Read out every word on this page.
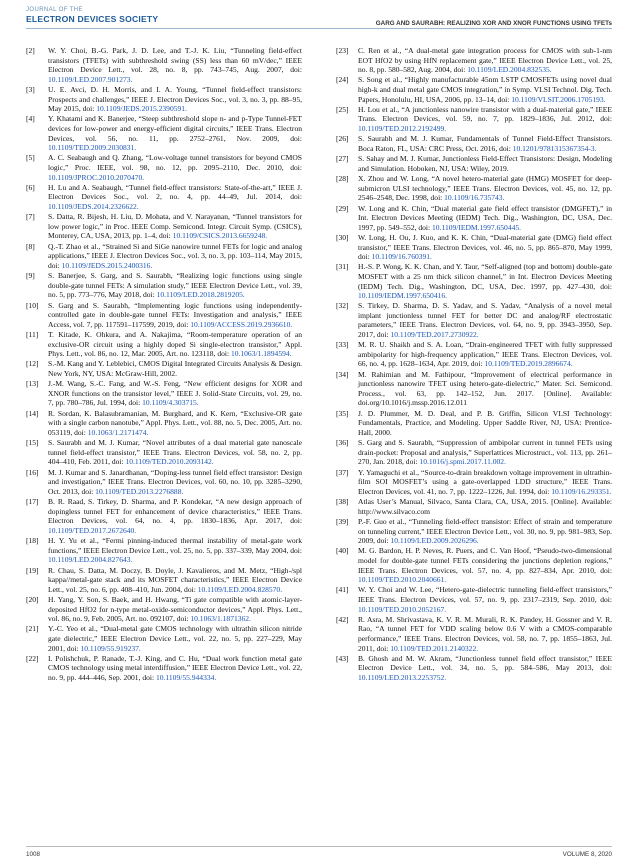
JOURNAL OF THE
ELECTRON DEVICES SOCIETY	GARG AND SAURABH: REALIZING XOR AND XNOR FUNCTIONS USING TFETs
[2] W. Y. Choi, B.-G. Park, J. D. Lee, and T.-J. K. Liu, “Tunneling field-effect transistors (TFETs) with subthreshold swing (SS) less than 60 mV/dec,” IEEE Electron Device Lett., vol. 28, no. 8, pp. 743–745, Aug. 2007, doi: 10.1109/LED.2007.901273.
[3] U. E. Avci, D. H. Morris, and I. A. Young, “Tunnel field-effect transistors: Prospects and challenges,” IEEE J. Electron Devices Soc., vol. 3, no. 3, pp. 88–95, May 2015, doi: 10.1109/JEDS.2015.2390591.
[4] Y. Khatami and K. Banerjee, “Steep subthreshold slope n- and p-Type Tunnel-FET devices for low-power and energy-efficient digital circuits,” IEEE Trans. Electron Devices, vol. 56, no. 11, pp. 2752–2761, Nov. 2009, doi: 10.1109/TED.2009.2030831.
[5] A. C. Seabaugh and Q. Zhang, “Low-voltage tunnel transistors for beyond CMOS logic,” Proc. IEEE, vol. 98, no. 12, pp. 2095–2110, Dec. 2010, doi: 10.1109/JPROC.2010.2070470.
[6] H. Lu and A. Seabaugh, “Tunnel field-effect transistors: State-of-the-art,” IEEE J. Electron Devices Soc., vol. 2, no. 4, pp. 44–49, Jul. 2014, doi: 10.1109/JEDS.2014.2326622.
[7] S. Datta, R. Bijesh, H. Liu, D. Mohata, and V. Narayanan, “Tunnel transistors for low power logic,” in Proc. IEEE Comp. Semicond. Integr. Circuit Symp. (CSICS), Monterey, CA, USA, 2013, pp. 1–4, doi: 10.1109/CSICS.2013.6659248.
[8] Q.-T. Zhao et al., “Strained Si and SiGe nanowire tunnel FETs for logic and analog applications,” IEEE J. Electron Devices Soc., vol. 3, no. 3, pp. 103–114, May 2015, doi: 10.1109/JEDS.2015.2400316.
[9] S. Banerjee, S. Garg, and S. Saurabh, “Realizing logic functions using single double-gate tunnel FETs: A simulation study,” IEEE Electron Device Lett., vol. 39, no. 5, pp. 773–776, May 2018, doi: 10.1109/LED.2018.2819205.
[10] S. Garg and S. Saurabh, “Implementing logic functions using independently-controlled gate in double-gate tunnel FETs: Investigation and analysis,” IEEE Access, vol. 7, pp. 117591–117599, 2019, doi: 10.1109/ACCESS.2019.2936610.
[11] T. Kitade, K. Ohkura, and A. Nakajima, “Room-temperature operation of an exclusive-OR circuit using a highly doped Si single-electron transistor,” Appl. Phys. Lett., vol. 86, no. 12, Mar. 2005, Art. no. 123118, doi: 10.1063/1.1894594.
[12] S.-M. Kang and Y. Leblebici, CMOS Digital Integrated Circuits Analysis & Design. New York, NY, USA: McGraw-Hill, 2002.
[13] J.-M. Wang, S.-C. Fang, and W.-S. Feng, “New efficient designs for XOR and XNOR functions on the transistor level,” IEEE J. Solid-State Circuits, vol. 29, no. 7, pp. 780–786, Jul. 1994, doi: 10.1109/4.303715.
[14] R. Sordan, K. Balasubramanian, M. Burghard, and K. Kern, “Exclusive-OR gate with a single carbon nanotube,” Appl. Phys. Lett., vol. 88, no. 5, Dec. 2005, Art. no. 053119, doi: 10.1063/1.2171474.
[15] S. Saurabh and M. J. Kumar, “Novel attributes of a dual material gate nanoscale tunnel field-effect transistor,” IEEE Trans. Electron Devices, vol. 58, no. 2, pp. 404–410, Feb. 2011, doi: 10.1109/TED.2010.2093142.
[16] M. J. Kumar and S. Janardhanan, “Doping-less tunnel field effect transistor: Design and investigation,” IEEE Trans. Electron Devices, vol. 60, no. 10, pp. 3285–3290, Oct. 2013, doi: 10.1109/TED.2013.2276888.
[17] B. R. Raad, S. Tirkey, D. Sharma, and P. Kondekar, “A new design approach of dopingless tunnel FET for enhancement of device characteristics,” IEEE Trans. Electron Devices, vol. 64, no. 4, pp. 1830–1836, Apr. 2017, doi: 10.1109/TED.2017.2672640.
[18] H. Y. Yu et al., “Fermi pinning-induced thermal instability of metal-gate work functions,” IEEE Electron Device Lett., vol. 25, no. 5, pp. 337–339, May 2004, doi: 10.1109/LED.2004.827643.
[19] R. Chau, S. Datta, M. Doczy, B. Doyle, J. Kavalieros, and M. Metz, “High-/spl kappa//metal-gate stack and its MOSFET characteristics,” IEEE Electron Device Lett., vol. 25, no. 6, pp. 408–410, Jun. 2004, doi: 10.1109/LED.2004.828570.
[20] H. Yang, Y. Son, S. Baek, and H. Hwang, “Ti gate compatible with atomic-layer-deposited HfO2 for n-type metal-oxide-semiconductor devices,” Appl. Phys. Lett., vol. 86, no. 9, Feb. 2005, Art. no. 092107, doi: 10.1063/1.1871362.
[21] Y.-C. Yeo et al., “Dual-metal gate CMOS technology with ultrathin silicon nitride gate dielectric,” IEEE Electron Device Lett., vol. 22, no. 5, pp. 227–229, May 2001, doi: 10.1109/55.919237.
[22] I. Polishchuk, P. Ranade, T.-J. King, and C. Hu, “Dual work function metal gate CMOS technology using metal interdiffusion,” IEEE Electron Device Lett., vol. 22, no. 9, pp. 444–446, Sep. 2001, doi: 10.1109/55.944334.
[23] C. Ren et al., “A dual-metal gate integration process for CMOS with sub-1-nm EOT HfO2 by using HfN replacement gate,” IEEE Electron Device Lett., vol. 25, no. 8, pp. 580–582, Aug. 2004, doi: 10.1109/LED.2004.832535.
[24] S. Song et al., “Highly manufacturable 45nm LSTP CMOSFETs using novel dual high-k and dual metal gate CMOS integration,” in Symp. VLSI Technol. Dig. Tech. Papers, Honolulu, HI, USA, 2006, pp. 13–14, doi: 10.1109/VLSIT.2006.1705193.
[25] H. Lou et al., “A junctionless nanowire transistor with a dual-material gate,” IEEE Trans. Electron Devices, vol. 59, no. 7, pp. 1829–1836, Jul. 2012, doi: 10.1109/TED.2012.2192499.
[26] S. Saurabh and M. J. Kumar, Fundamentals of Tunnel Field-Effect Transistors. Boca Raton, FL, USA: CRC Press, Oct. 2016, doi: 10.1201/9781315367354-3.
[27] S. Sahay and M. J. Kumar, Junctionless Field-Effect Transistors: Design, Modeling and Simulation. Hoboken, NJ, USA: Wiley, 2019.
[28] X. Zhou and W. Long, “A novel hetero-material gate (HMG) MOSFET for deep-submicron ULSI technology,” IEEE Trans. Electron Devices, vol. 45, no. 12, pp. 2546–2548, Dec. 1998, doi: 10.1109/16.735743.
[29] W. Long and K. Chin, “Dual material gate field effect transistor (DMGFET),” in Int. Electron Devices Meeting (IEDM) Tech. Dig., Washington, DC, USA, Dec. 1997, pp. 549–552, doi: 10.1109/IEDM.1997.650445.
[30] W. Long, H. Ou, J. Kuo, and K. K. Chin, “Dual-material gate (DMG) field effect transistor,” IEEE Trans. Electron Devices, vol. 46, no. 5, pp. 865–870, May 1999, doi: 10.1109/16.760391.
[31] H.-S. P. Wong, K. K. Chan, and Y. Taur, “Self-aligned (top and bottom) double-gate MOSFET with a 25 nm thick silicon channel,” in Int. Electron Devices Meeting (IEDM) Tech. Dig., Washington, DC, USA, Dec. 1997, pp. 427–430, doi: 10.1109/IEDM.1997.650416.
[32] S. Tirkey, D. Sharma, D. S. Yadav, and S. Yadav, “Analysis of a novel metal implant junctionless tunnel FET for better DC and analog/RF electrostatic parameters,” IEEE Trans. Electron Devices, vol. 64, no. 9, pp. 3943–3950, Sep. 2017, doi: 10.1109/TED.2017.2730922.
[33] M. R. U. Shaikh and S. A. Loan, “Drain-engineered TFET with fully suppressed ambipolarity for high-frequency application,” IEEE Trans. Electron Devices, vol. 66, no. 4, pp. 1628–1634, Apr. 2019, doi: 10.1109/TED.2019.2896674.
[34] M. Rahimian and M. Fathipour, “Improvement of electrical performance in junctionless nanowire TFET using hetero-gate-dielectric,” Mater. Sci. Semicond. Process., vol. 63, pp. 142–152, Jun. 2017. [Online]. Available: doi.org/10.1016/j.mssp.2016.12.011
[35] J. D. Plummer, M. D. Deal, and P. B. Griffin, Silicon VLSI Technology: Fundamentals, Practice, and Modeling. Upper Saddle River, NJ, USA: Prentice-Hall, 2000.
[36] S. Garg and S. Saurabh, “Suppression of ambipolar current in tunnel FETs using drain-pocket: Proposal and analysis,” Superlattices Microstruct., vol. 113, pp. 261–270, Jan. 2018, doi: 10.1016/j.spmi.2017.11.002.
[37] Y. Yamaguchi et al., “Source-to-drain breakdown voltage improvement in ultrathin-film SOI MOSFET’s using a gate-overlapped LDD structure,” IEEE Trans. Electron Devices, vol. 41, no. 7, pp. 1222–1226, Jul. 1994, doi: 10.1109/16.293351.
[38] Atlas User’s Manual, Silvaco, Santa Clara, CA, USA, 2015. [Online]. Available: http://www.silvaco.com
[39] P.-F. Guo et al., “Tunneling field-effect transistor: Effect of strain and temperature on tunneling current,” IEEE Electron Device Lett., vol. 30, no. 9, pp. 981–983, Sep. 2009, doi: 10.1109/LED.2009.2026296.
[40] M. G. Bardon, H. P. Neves, R. Puers, and C. Van Hoof, “Pseudo-two-dimensional model for double-gate tunnel FETs considering the junctions depletion regions,” IEEE Trans. Electron Devices, vol. 57, no. 4, pp. 827–834, Apr. 2010, doi: 10.1109/TED.2010.2040661.
[41] W. Y. Choi and W. Lee, “Hetero-gate-dielectric tunneling field-effect transistors,” IEEE Trans. Electron Devices, vol. 57, no. 9, pp. 2317–2319, Sep. 2010, doi: 10.1109/TED.2010.2052167.
[42] R. Asra, M. Shrivastava, K. V. R. M. Murali, R. K. Pandey, H. Gossner and V. R. Rao, “A tunnel FET for VDD scaling below 0.6 V with a CMOS-comparable performance,” IEEE Trans. Electron Devices, vol. 58, no. 7, pp. 1855–1863, Jul. 2011, doi: 10.1109/TED.2011.2140322.
[43] B. Ghosh and M. W. Akram, “Junctionless tunnel field effect transistor,” IEEE Electron Device Lett., vol. 34, no. 5, pp. 584–586, May 2013, doi: 10.1109/LED.2013.2253752.
1008	VOLUME 8, 2020
